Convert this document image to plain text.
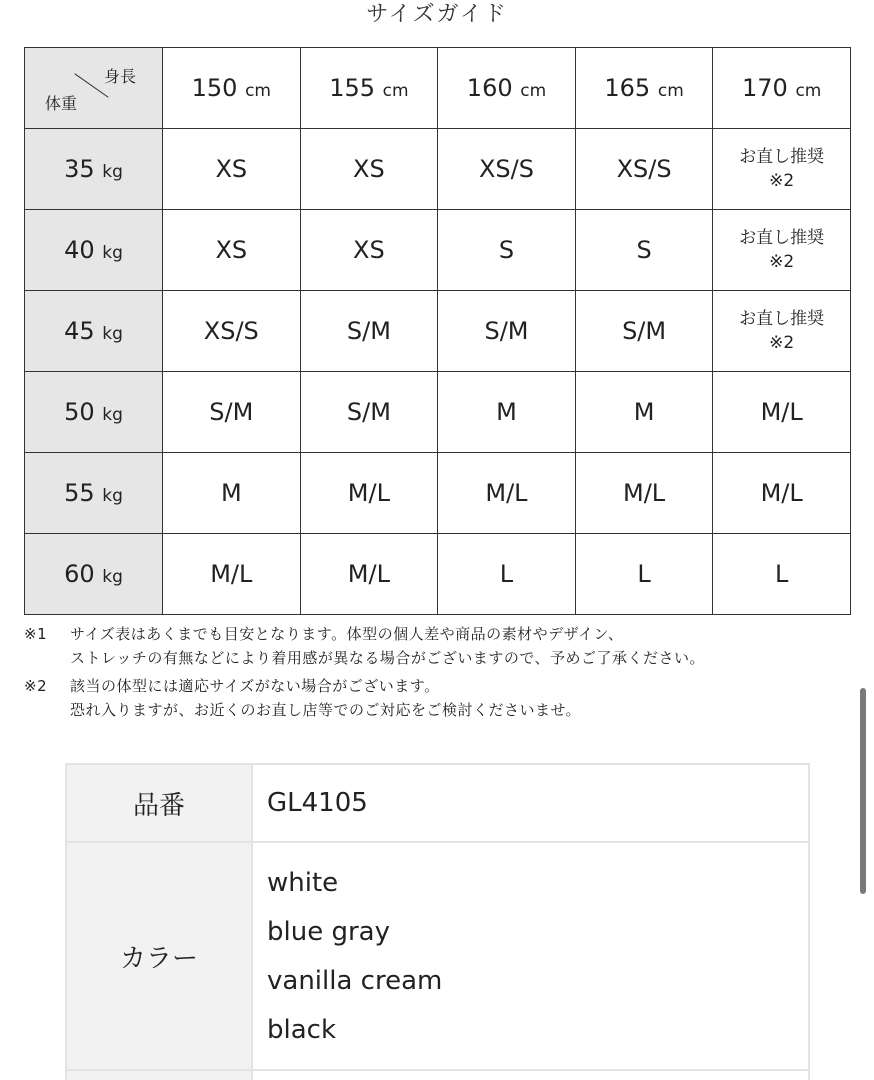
サイズガイド
身長
体重	150 cm	155 cm	160 cm	165 cm	170 cm
35 kg	XS	XS	XS/S	XS/S	お直し推奨
※2
40 kg	XS	XS	S	S	お直し推奨
※2
45 kg	XS/S	S/M	S/M	S/M	お直し推奨
※2
50 kg	S/M	S/M	M	M	M/L
55 kg	M	M/L	M/L	M/L	M/L
60 kg	M/L	M/L	L	L	L
※1	サイズ表はあくまでも目安となります。体型の個人差や商品の素材やデザイン、
ストレッチの有無などにより着用感が異なる場合がございますので、予めご了承ください。
※2	該当の体型には適応サイズがない場合がございます。
恐れ入りますが、お近くのお直し店等でのご対応をご検討くださいませ。
品番	GL4105
カラー	white
blue gray
vanilla cream
black
